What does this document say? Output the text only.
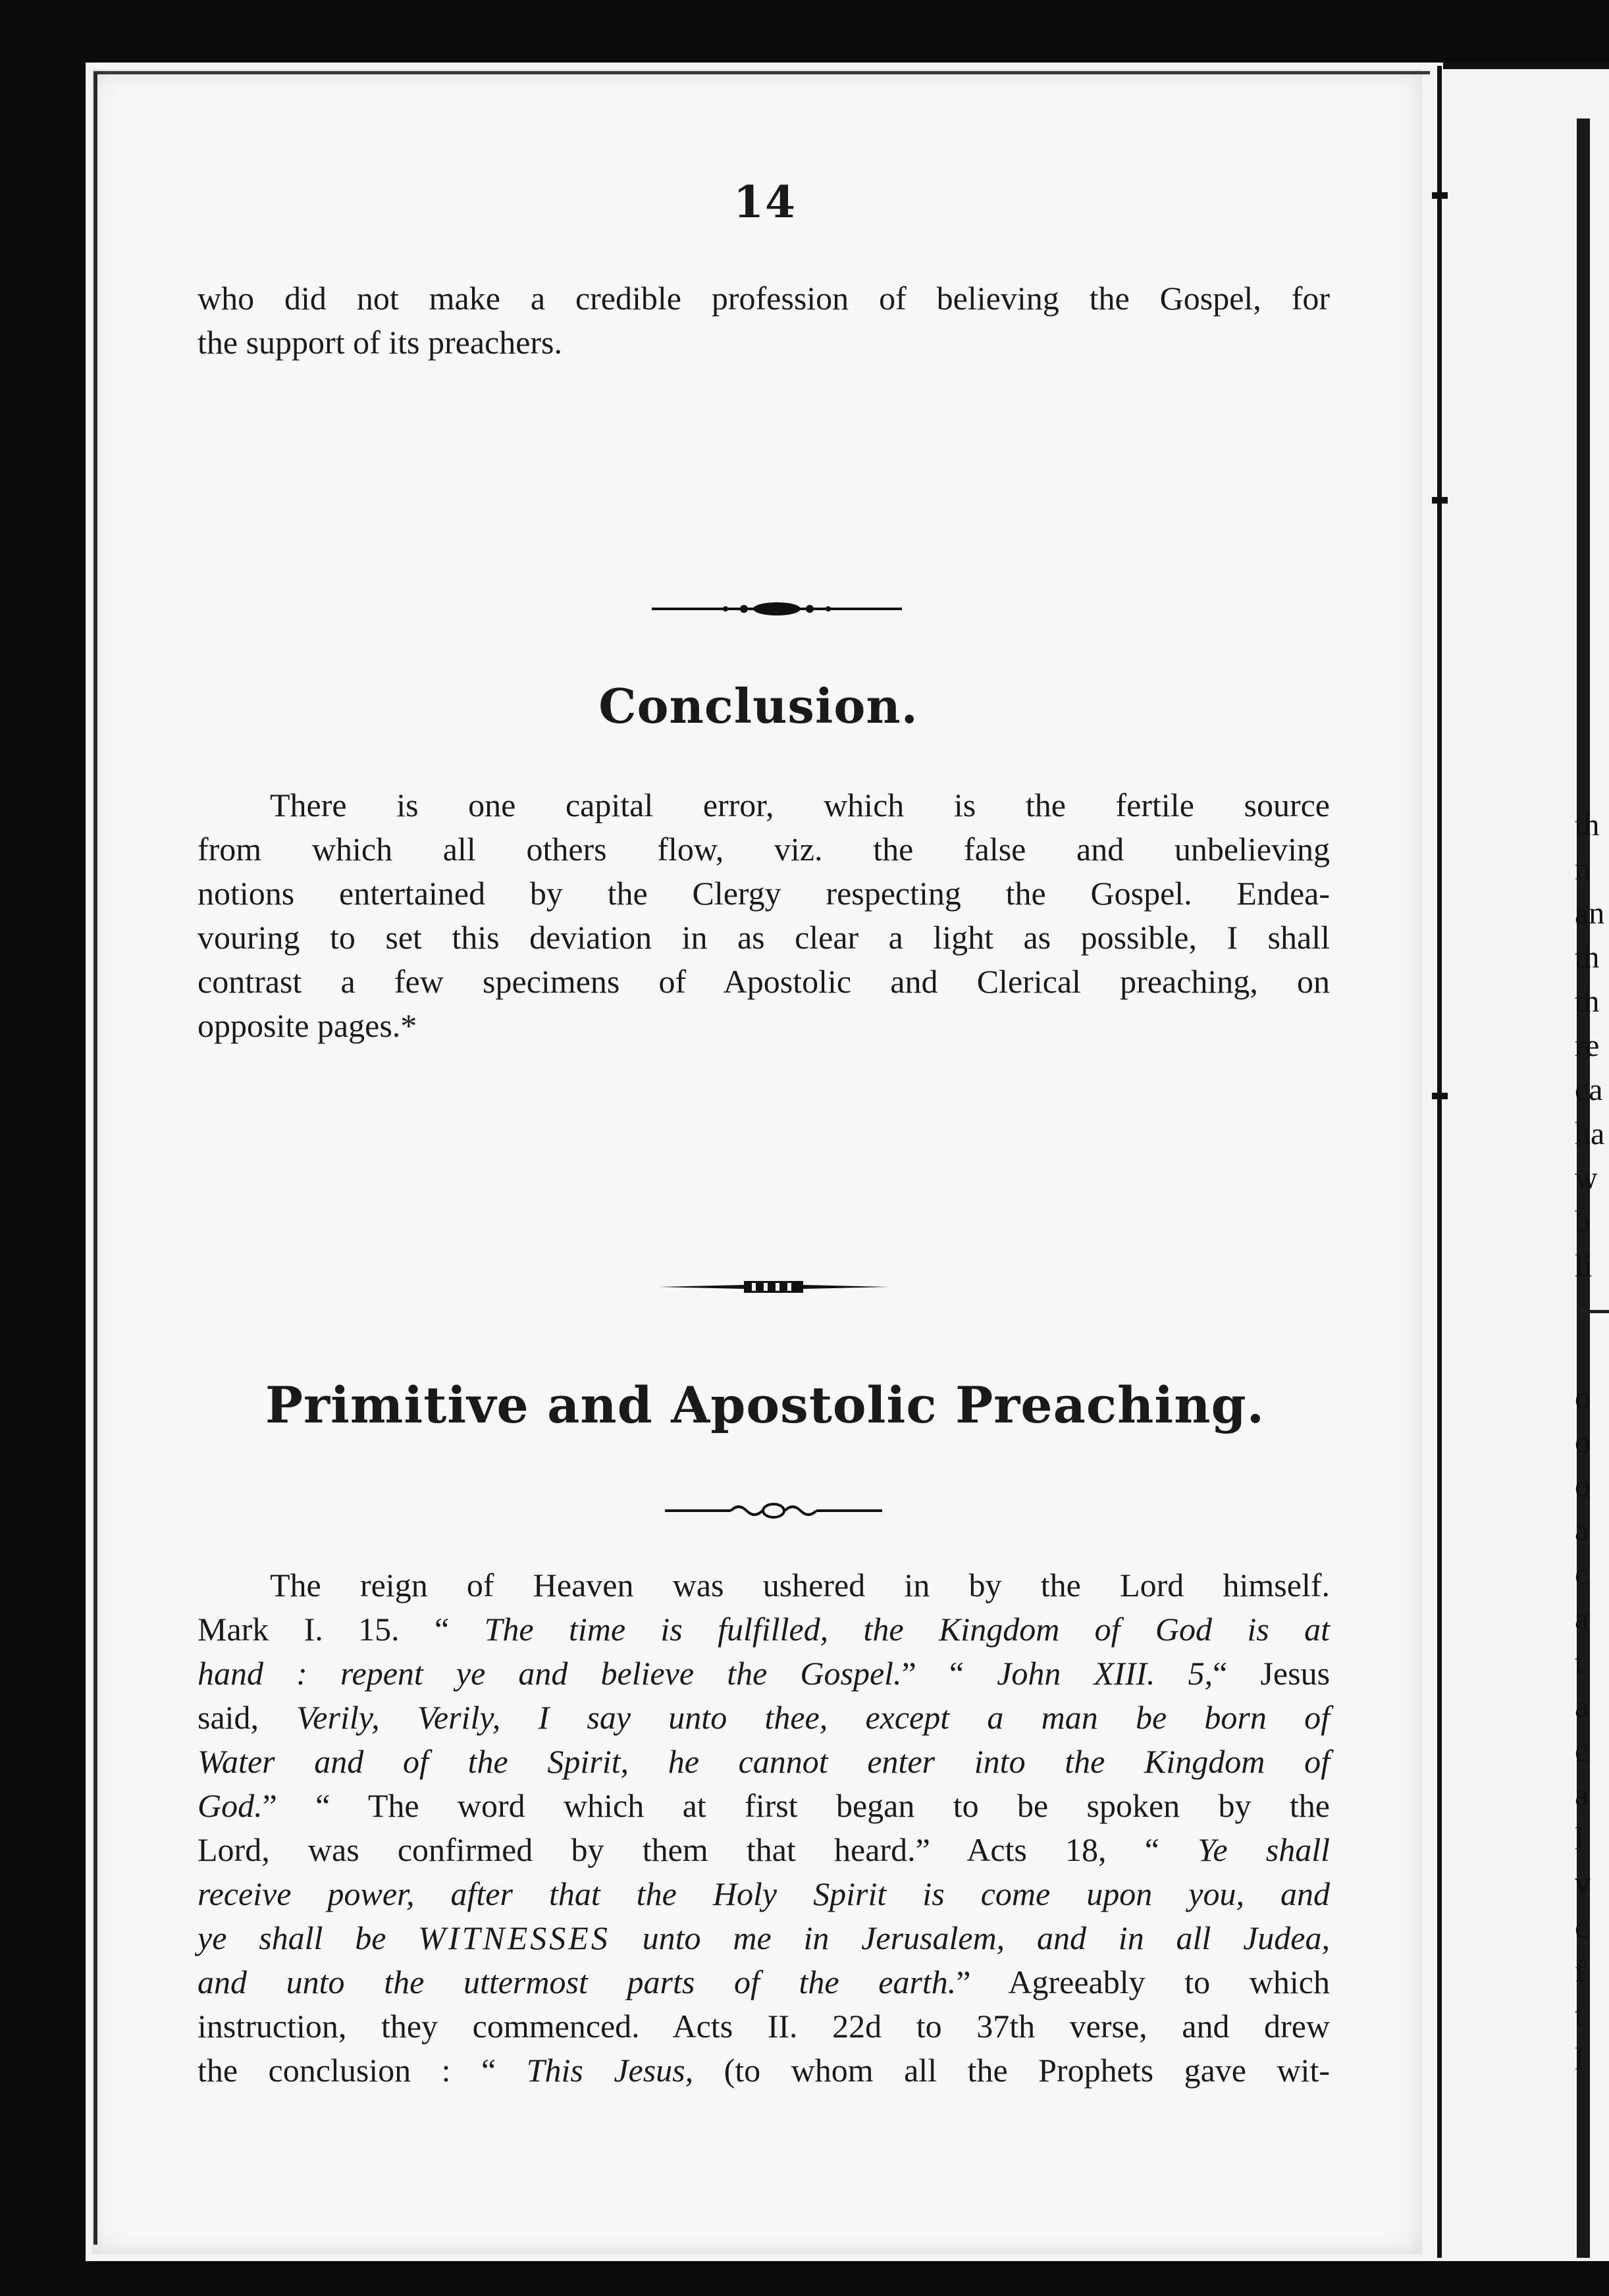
th
n
an
th
th
re
ca
ha
w
b
li
o
o
o
a
c
a
t
a
c
a
l
v
c
f
t
l
14
who did not make a credible profession of believing the Gospel, for
the support of its preachers.
Conclusion.
There is one capital error, which is the fertile source
from which all others flow, viz. the false and unbelieving
notions entertained by the Clergy respecting the Gospel. Endea-
vouring to set this deviation in as clear a light as possible, I shall
contrast a few specimens of Apostolic and Clerical preaching, on
opposite pages.*
Primitive and Apostolic Preaching.
The reign of Heaven was ushered in by the Lord himself.
Mark I. 15. “ The time is fulfilled, the Kingdom of God is at
hand : repent ye and believe the Gospel.” “ John XIII. 5,“ Jesus
said, Verily, Verily, I say unto thee, except a man be born of
Water and of the Spirit, he cannot enter into the Kingdom of
God.” “ The word which at first began to be spoken by the
Lord, was confirmed by them that heard.” Acts 18, “ Ye shall
receive power, after that the Holy Spirit is come upon you, and
ye shall be WITNESSES unto me in Jerusalem, and in all Judea,
and unto the uttermost parts of the earth.” Agreeably to which
instruction, they commenced. Acts II. 22d to 37th verse, and drew
the conclusion : “ This Jesus, (to whom all the Prophets gave wit-
